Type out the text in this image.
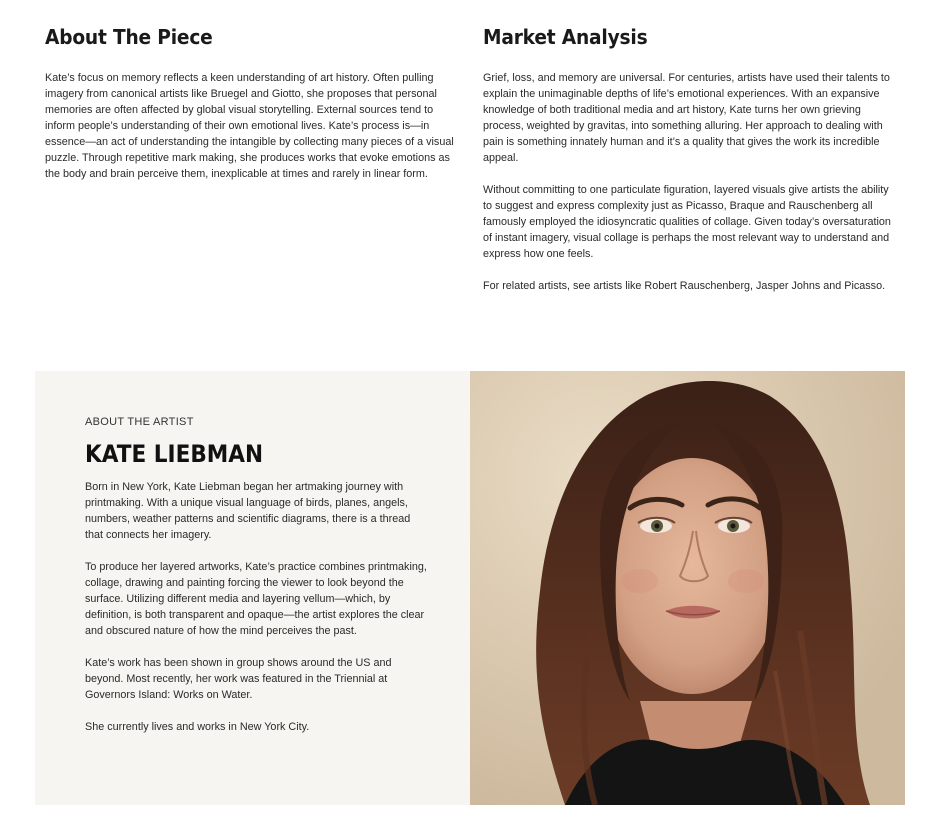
About The Piece

Kate’s focus on memory reflects a keen understanding of art history. Often pulling imagery from canonical artists like Bruegel and Giotto, she proposes that personal memories are often affected by global visual storytelling. External sources tend to inform people’s understanding of their own emotional lives. Kate’s process is—in essence—an act of understanding the intangible by collecting many pieces of a visual puzzle. Through repetitive mark making, she produces works that evoke emotions as the body and brain perceive them, inexplicable at times and rarely in linear form.

Market Analysis

Grief, loss, and memory are universal. For centuries, artists have used their talents to explain the unimaginable depths of life’s emotional experiences. With an expansive knowledge of both traditional media and art history, Kate turns her own grieving process, weighted by gravitas, into something alluring. Her approach to dealing with pain is something innately human and it’s a quality that gives the work its incredible appeal.

Without committing to one particulate figuration, layered visuals give artists the ability to suggest and express complexity just as Picasso, Braque and Rauschenberg all famously employed the idiosyncratic qualities of collage. Given today’s oversaturation of instant imagery, visual collage is perhaps the most relevant way to understand and express how one feels.

For related artists, see artists like Robert Rauschenberg, Jasper Johns and Picasso.

ABOUT THE ARTIST

KATE LIEBMAN

Born in New York, Kate Liebman began her artmaking journey with printmaking. With a unique visual language of birds, planes, angels, numbers, weather patterns and scientific diagrams, there is a thread that connects her imagery.

To produce her layered artworks, Kate’s practice combines printmaking, collage, drawing and painting forcing the viewer to look beyond the surface. Utilizing different media and layering vellum—which, by definition, is both transparent and opaque—the artist explores the clear and obscured nature of how the mind perceives the past.

Kate’s work has been shown in group shows around the US and beyond. Most recently, her work was featured in the Triennial at Governors Island: Works on Water.

She currently lives and works in New York City.
